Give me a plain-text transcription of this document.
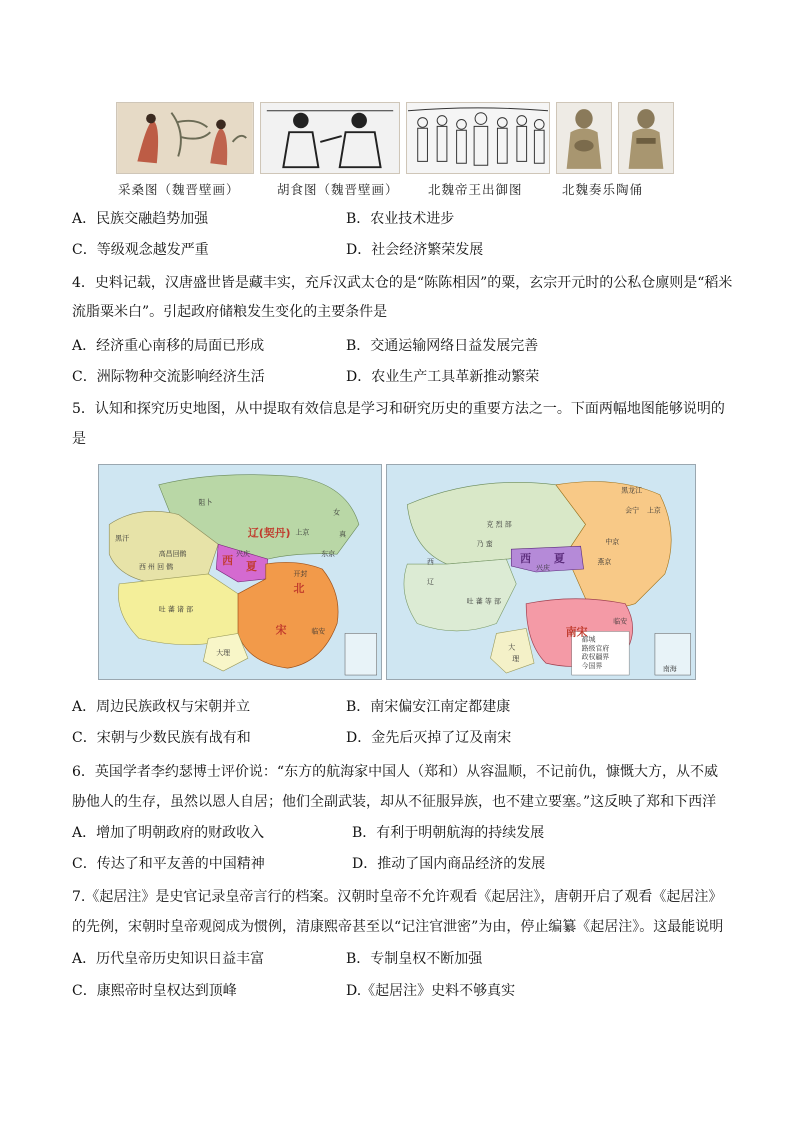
采桑图（魏晋壁画）	胡食图（魏晋壁画） 北魏帝王出御图	北魏奏乐陶俑
A．民族交融趋势加强	B．农业技术进步
C．等级观念越发严重	D．社会经济繁荣发展
4．史料记载，汉唐盛世皆是藏丰实，充斥汉武太仓的是“陈陈相因”的粟，玄宗开元时的公私仓廪则是“稻米
流脂粟米白”。引起政府储粮发生变化的主要条件是
A．经济重心南移的局面已形成	B．交通运输网络日益发展完善
C．洲际物种交流影响经济生活	D．农业生产工具革新推动繁荣
5．认知和探究历史地图，从中提取有效信息是学习和研究历史的重要方法之一。下面两幅地图能够说明的
是
辽(契丹)
西 夏
北
宋
兴庆
上京
女
真
吐 蕃 诸 部
大理
高昌回鹘
西 州 回 鹘
黑汗
阻卜
东京
开封
临安
都城
路级官府
政权疆界
今国界	南海
西 夏
南宋
兴庆
克 烈 部
乃 蛮
西
辽
吐 蕃 等 部
大
理
中京
燕京
临安
黑龙江
上京
会宁
A．周边民族政权与宋朝并立	B．南宋偏安江南定都建康
C．宋朝与少数民族有战有和	D．金先后灭掉了辽及南宋
6．英国学者李约瑟博士评价说：“东方的航海家中国人（郑和）从容温顺，不记前仇，慷慨大方，从不威
胁他人的生存，虽然以恩人自居；他们全副武装，却从不征服异族，也不建立要塞。”这反映了郑和下西洋
A．增加了明朝政府的财政收入	B．有利于明朝航海的持续发展
C．传达了和平友善的中国精神	D．推动了国内商品经济的发展
7.《起居注》是史官记录皇帝言行的档案。汉朝时皇帝不允许观看《起居注》，唐朝开启了观看《起居注》
的先例，宋朝时皇帝观阅成为惯例，清康熙帝甚至以“记注官泄密”为由，停止编纂《起居注》。这最能说明
A．历代皇帝历史知识日益丰富	B．专制皇权不断加强
C．康熙帝时皇权达到顶峰	D.《起居注》史料不够真实
